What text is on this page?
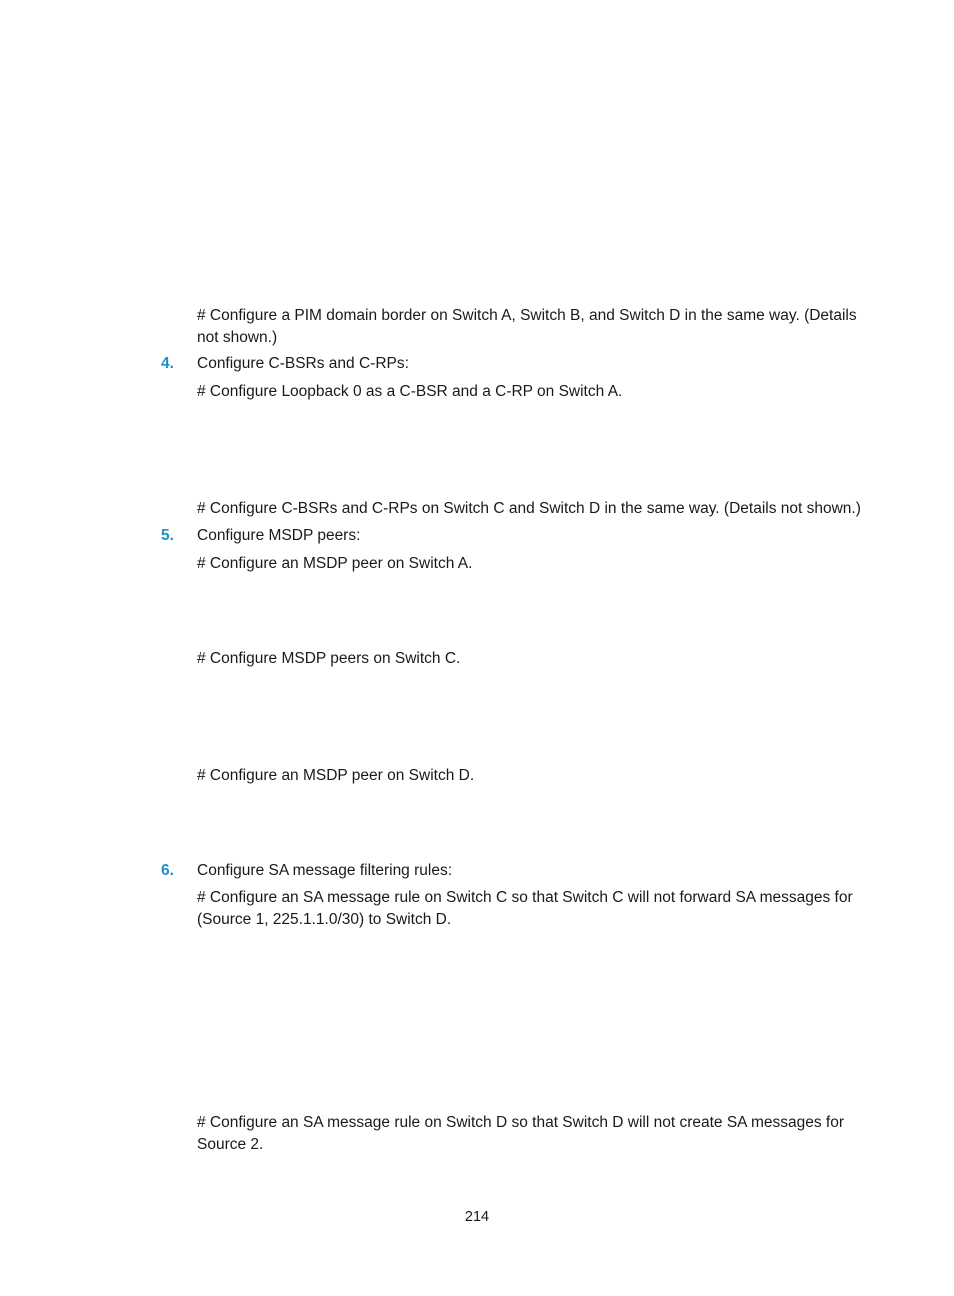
# Configure a PIM domain border on Switch A, Switch B, and Switch D in the same way. (Details not shown.)

4. Configure C-BSRs and C-RPs:

# Configure Loopback 0 as a C-BSR and a C-RP on Switch A.

# Configure C-BSRs and C-RPs on Switch C and Switch D in the same way. (Details not shown.)

5. Configure MSDP peers:

# Configure an MSDP peer on Switch A.

# Configure MSDP peers on Switch C.

# Configure an MSDP peer on Switch D.

6. Configure SA message filtering rules:

# Configure an SA message rule on Switch C so that Switch C will not forward SA messages for (Source 1, 225.1.1.0/30) to Switch D.

# Configure an SA message rule on Switch D so that Switch D will not create SA messages for Source 2.

214
